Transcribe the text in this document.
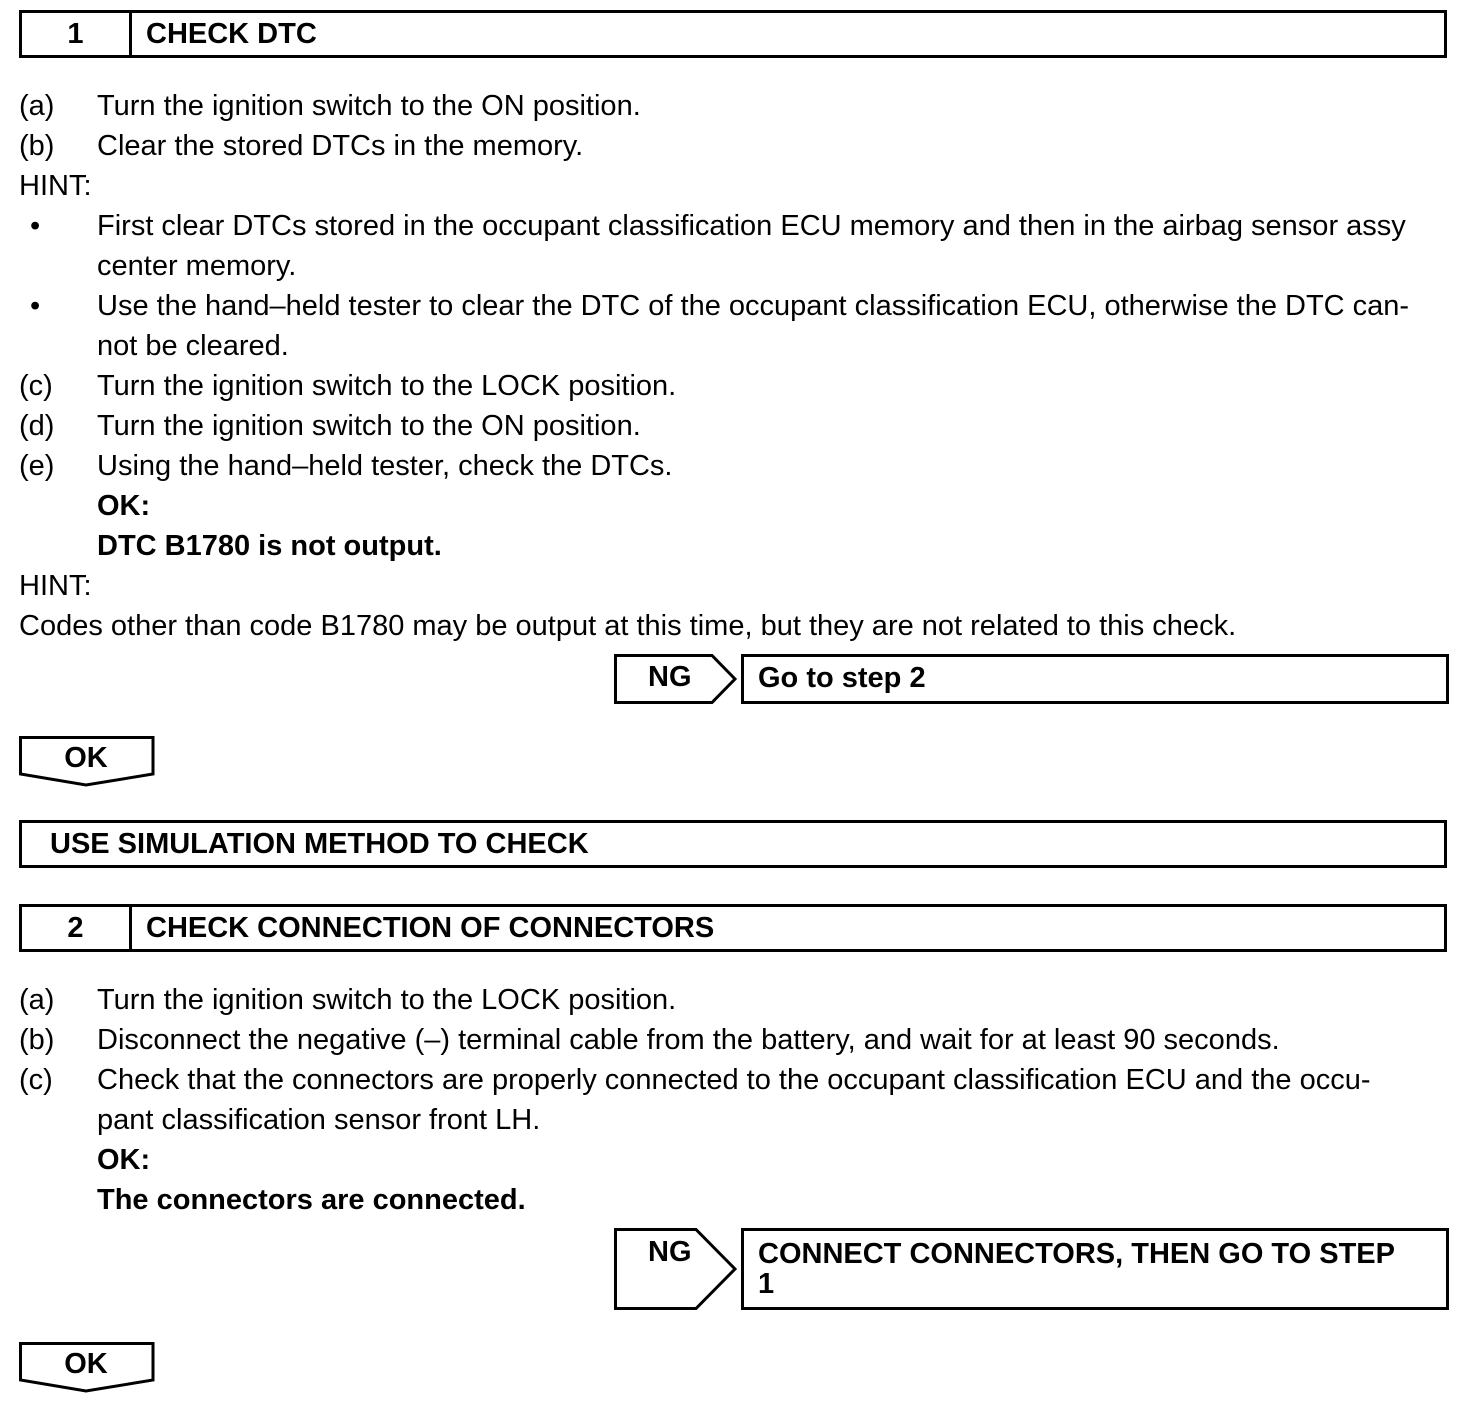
1	CHECK DTC
(a) Turn the ignition switch to the ON position.
(b) Clear the stored DTCs in the memory.
HINT:
• First clear DTCs stored in the occupant classification ECU memory and then in the airbag sensor assy
center memory.
• Use the hand–held tester to clear the DTC of the occupant classification ECU, otherwise the DTC can-
not be cleared.
(c) Turn the ignition switch to the LOCK position.
(d) Turn the ignition switch to the ON position.
(e) Using the hand–held tester, check the DTCs.
OK:
DTC B1780 is not output.
HINT:
Codes other than code B1780 may be output at this time, but they are not related to this check.
NG Go to step 2
OK
USE SIMULATION METHOD TO CHECK
2	CHECK CONNECTION OF CONNECTORS
(a) Turn the ignition switch to the LOCK position.
(b) Disconnect the negative (–) terminal cable from the battery, and wait for at least 90 seconds.
(c) Check that the connectors are properly connected to the occupant classification ECU and the occu-
pant classification sensor front LH.
OK:
The connectors are connected.
NG CONNECT CONNECTORS, THEN GO TO STEP
1
OK
